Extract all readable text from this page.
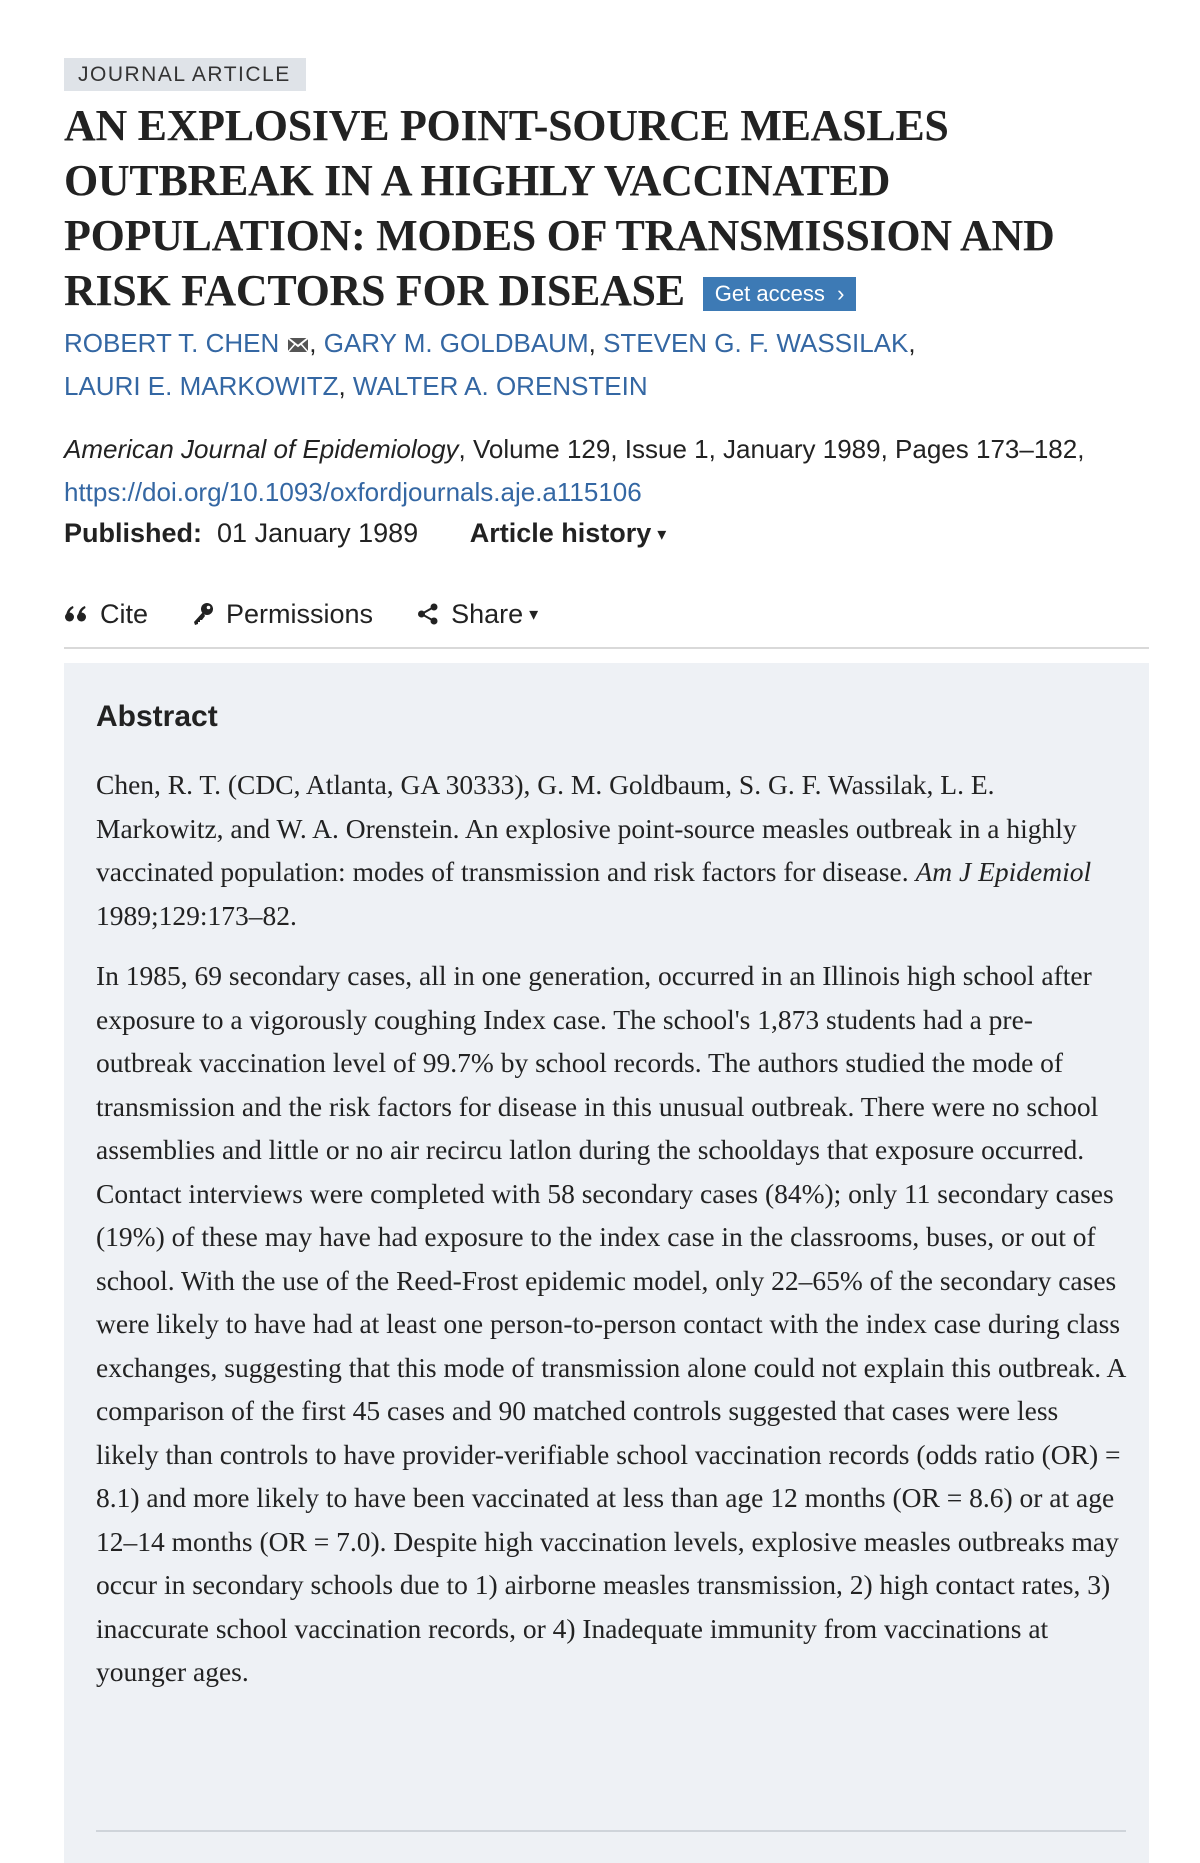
JOURNAL ARTICLE
AN EXPLOSIVE POINT-SOURCE MEASLES OUTBREAK IN A HIGHLY VACCINATED POPULATION: MODES OF TRANSMISSION AND RISK FACTORS FOR DISEASE Get access ›
ROBERT T. CHEN , GARY M. GOLDBAUM, STEVEN G. F. WASSILAK,
LAURI E. MARKOWITZ, WALTER A. ORENSTEIN
American Journal of Epidemiology, Volume 129, Issue 1, January 1989, Pages 173–182,
https://doi.org/10.1093/oxfordjournals.aje.a115106
Published: 01 January 1989 Article history ▾
Cite	Permissions	Share ▾
Abstract

Chen, R. T. (CDC, Atlanta, GA 30333), G. M. Goldbaum, S. G. F. Wassilak, L. E. Markowitz, and W. A. Orenstein. An explosive point-source measles outbreak in a highly vaccinated population: modes of transmission and risk factors for disease. Am J Epidemiol 1989;129:173–82.

In 1985, 69 secondary cases, all in one generation, occurred in an Illinois high school after exposure to a vigorously coughing Index case. The school's 1,873 students had a pre-outbreak vaccination level of 99.7% by school records. The authors studied the mode of transmission and the risk factors for disease in this unusual outbreak. There were no school assemblies and little or no air recircu latlon during the schooldays that exposure occurred. Contact interviews were completed with 58 secondary cases (84%); only 11 secondary cases (19%) of these may have had exposure to the index case in the classrooms, buses, or out of school. With the use of the Reed-Frost epidemic model, only 22–65% of the secondary cases were likely to have had at least one person-to-person contact with the index case during class exchanges, suggesting that this mode of transmission alone could not explain this outbreak. A comparison of the first 45 cases and 90 matched controls suggested that cases were less likely than controls to have provider-verifiable school vaccination records (odds ratio (OR) = 8.1) and more likely to have been vaccinated at less than age 12 months (OR = 8.6) or at age 12–14 months (OR = 7.0). Despite high vaccination levels, explosive measles outbreaks may occur in secondary schools due to 1) airborne measles transmission, 2) high contact rates, 3) inaccurate school vaccination records, or 4) Inadequate immunity from vaccinations at younger ages.
